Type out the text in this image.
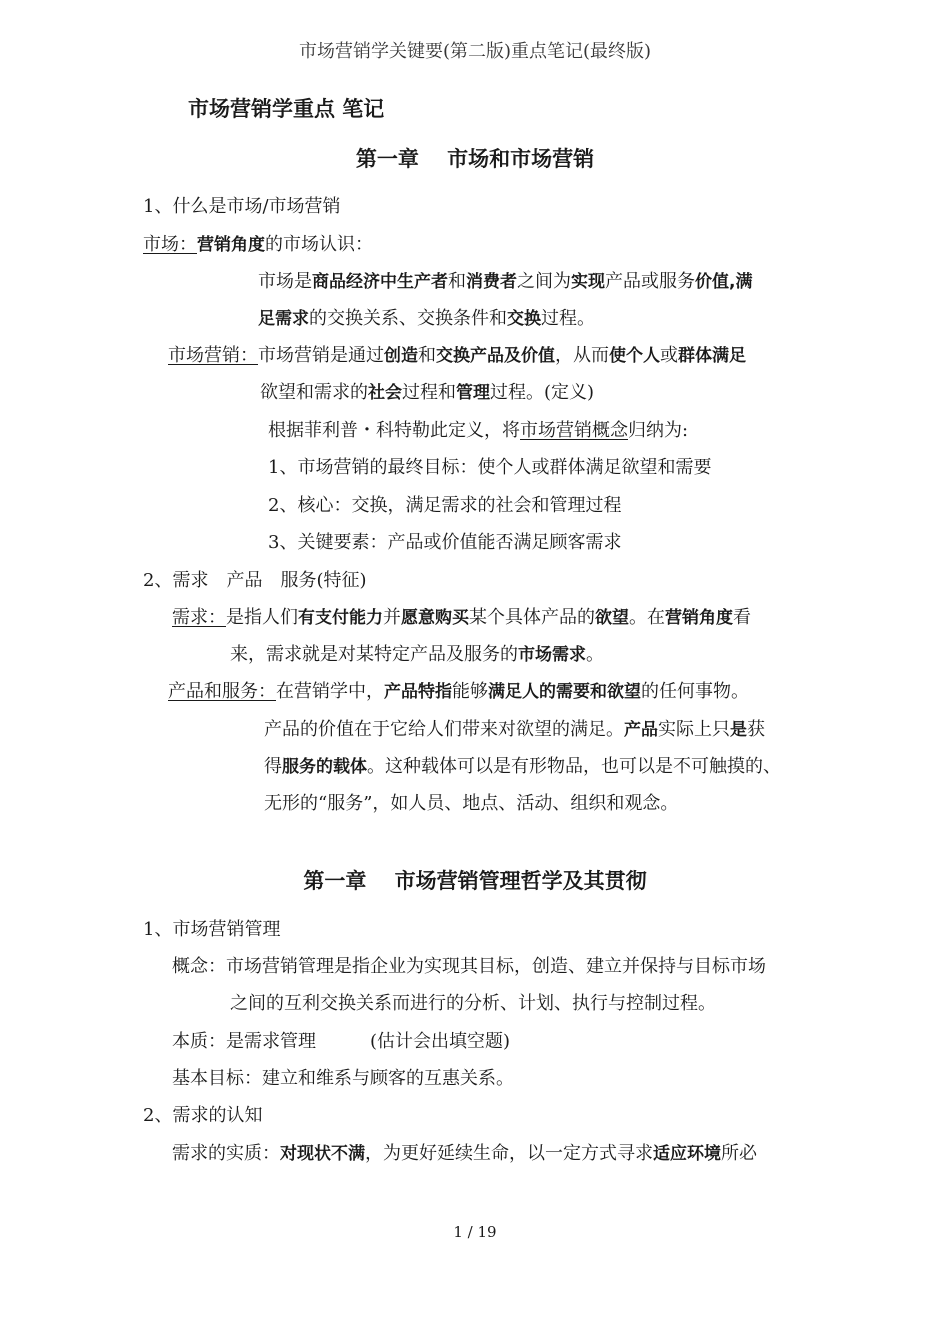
市场营销学关键要(第二版)重点笔记(最终版)
市场营销学重点 笔记
第一章　 市场和市场营销
1、什么是市场/市场营销
市场：营销角度的市场认识：
市场是商品经济中生产者和消费者之间为实现产品或服务价值,满
足需求的交换关系、交换条件和交换过程。
市场营销：市场营销是通过创造和交换产品及价值，从而使个人或群体满足
欲望和需求的社会过程和管理过程。(定义)
根据菲利普・科特勒此定义，将市场营销概念归纳为:
1、市场营销的最终目标：使个人或群体满足欲望和需要
2、核心：交换，满足需求的社会和管理过程
3、关键要素：产品或价值能否满足顾客需求
2、需求　产品　服务(特征)
需求：是指人们有支付能力并愿意购买某个具体产品的欲望。在营销角度看
来，需求就是对某特定产品及服务的市场需求。
产品和服务：在营销学中，产品特指能够满足人的需要和欲望的任何事物。
产品的价值在于它给人们带来对欲望的满足。产品实际上只是获
得服务的载体。这种载体可以是有形物品，也可以是不可触摸的、
无形的“服务”，如人员、地点、活动、组织和观念。
第一章　 市场营销管理哲学及其贯彻
1、市场营销管理
概念：市场营销管理是指企业为实现其目标，创造、建立并保持与目标市场
之间的互利交换关系而进行的分析、计划、执行与控制过程。
本质：是需求管理　　　(估计会出填空题)
基本目标：建立和维系与顾客的互惠关系。
2、需求的认知
需求的实质：对现状不满，为更好延续生命，以一定方式寻求适应环境所必
1 / 19
